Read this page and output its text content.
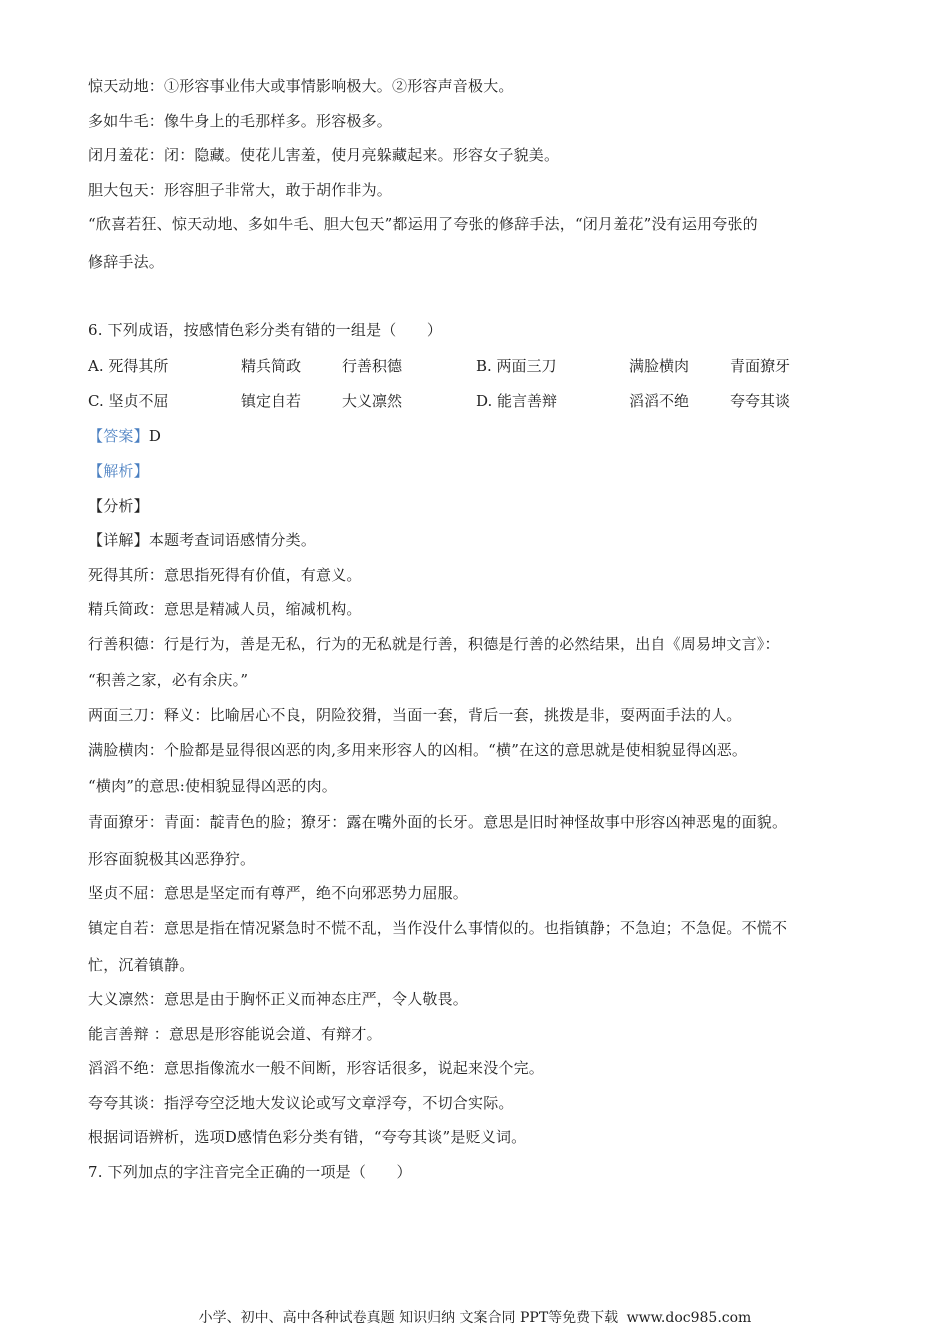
惊天动地：①形容事业伟大或事情影响极大。②形容声音极大。
多如牛毛：像牛身上的毛那样多。形容极多。
闭月羞花：闭：隐藏。使花儿害羞，使月亮躲藏起来。形容女子貌美。
胆大包天：形容胆子非常大，敢于胡作非为。
“欣喜若狂、惊天动地、多如牛毛、胆大包天”都运用了夸张的修辞手法，“闭月羞花”没有运用夸张的
修辞手法。
6. 下列成语，按感情色彩分类有错的一组是（　　）
A. 死得其所	精兵简政	行善积德	B. 两面三刀	满脸横肉	青面獠牙
C. 坚贞不屈	镇定自若	大义凛然	D. 能言善辩	滔滔不绝	夸夸其谈
【答案】D
【解析】
【分析】
【详解】本题考查词语感情分类。
死得其所：意思指死得有价值，有意义。
精兵简政：意思是精减人员，缩减机构。
行善积德：行是行为，善是无私，行为的无私就是行善，积德是行善的必然结果，出自《周易坤文言》：
“积善之家，必有余庆。”
两面三刀：释义：比喻居心不良，阴险狡猾，当面一套，背后一套，挑拨是非，耍两面手法的人。
满脸横肉：个脸都是显得很凶恶的肉,多用来形容人的凶相。“横”在这的意思就是使相貌显得凶恶。
“横肉”的意思:使相貌显得凶恶的肉。
青面獠牙：青面：靛青色的脸；獠牙：露在嘴外面的长牙。意思是旧时神怪故事中形容凶神恶鬼的面貌。
形容面貌极其凶恶狰狞。
坚贞不屈：意思是坚定而有尊严，绝不向邪恶势力屈服。
镇定自若：意思是指在情况紧急时不慌不乱，当作没什么事情似的。也指镇静；不急迫；不急促。不慌不
忙，沉着镇静。
大义凛然：意思是由于胸怀正义而神态庄严，令人敬畏。
能言善辩 ：意思是形容能说会道、有辩才。
滔滔不绝：意思指像流水一般不间断，形容话很多，说起来没个完。
夸夸其谈：指浮夸空泛地大发议论或写文章浮夸，不切合实际。
根据词语辨析，选项D感情色彩分类有错，“夸夸其谈”是贬义词。
7. 下列加点的字注音完全正确的一项是（　　）
小学、初中、高中各种试卷真题 知识归纳 文案合同 PPT等免费下载 www.doc985.com
